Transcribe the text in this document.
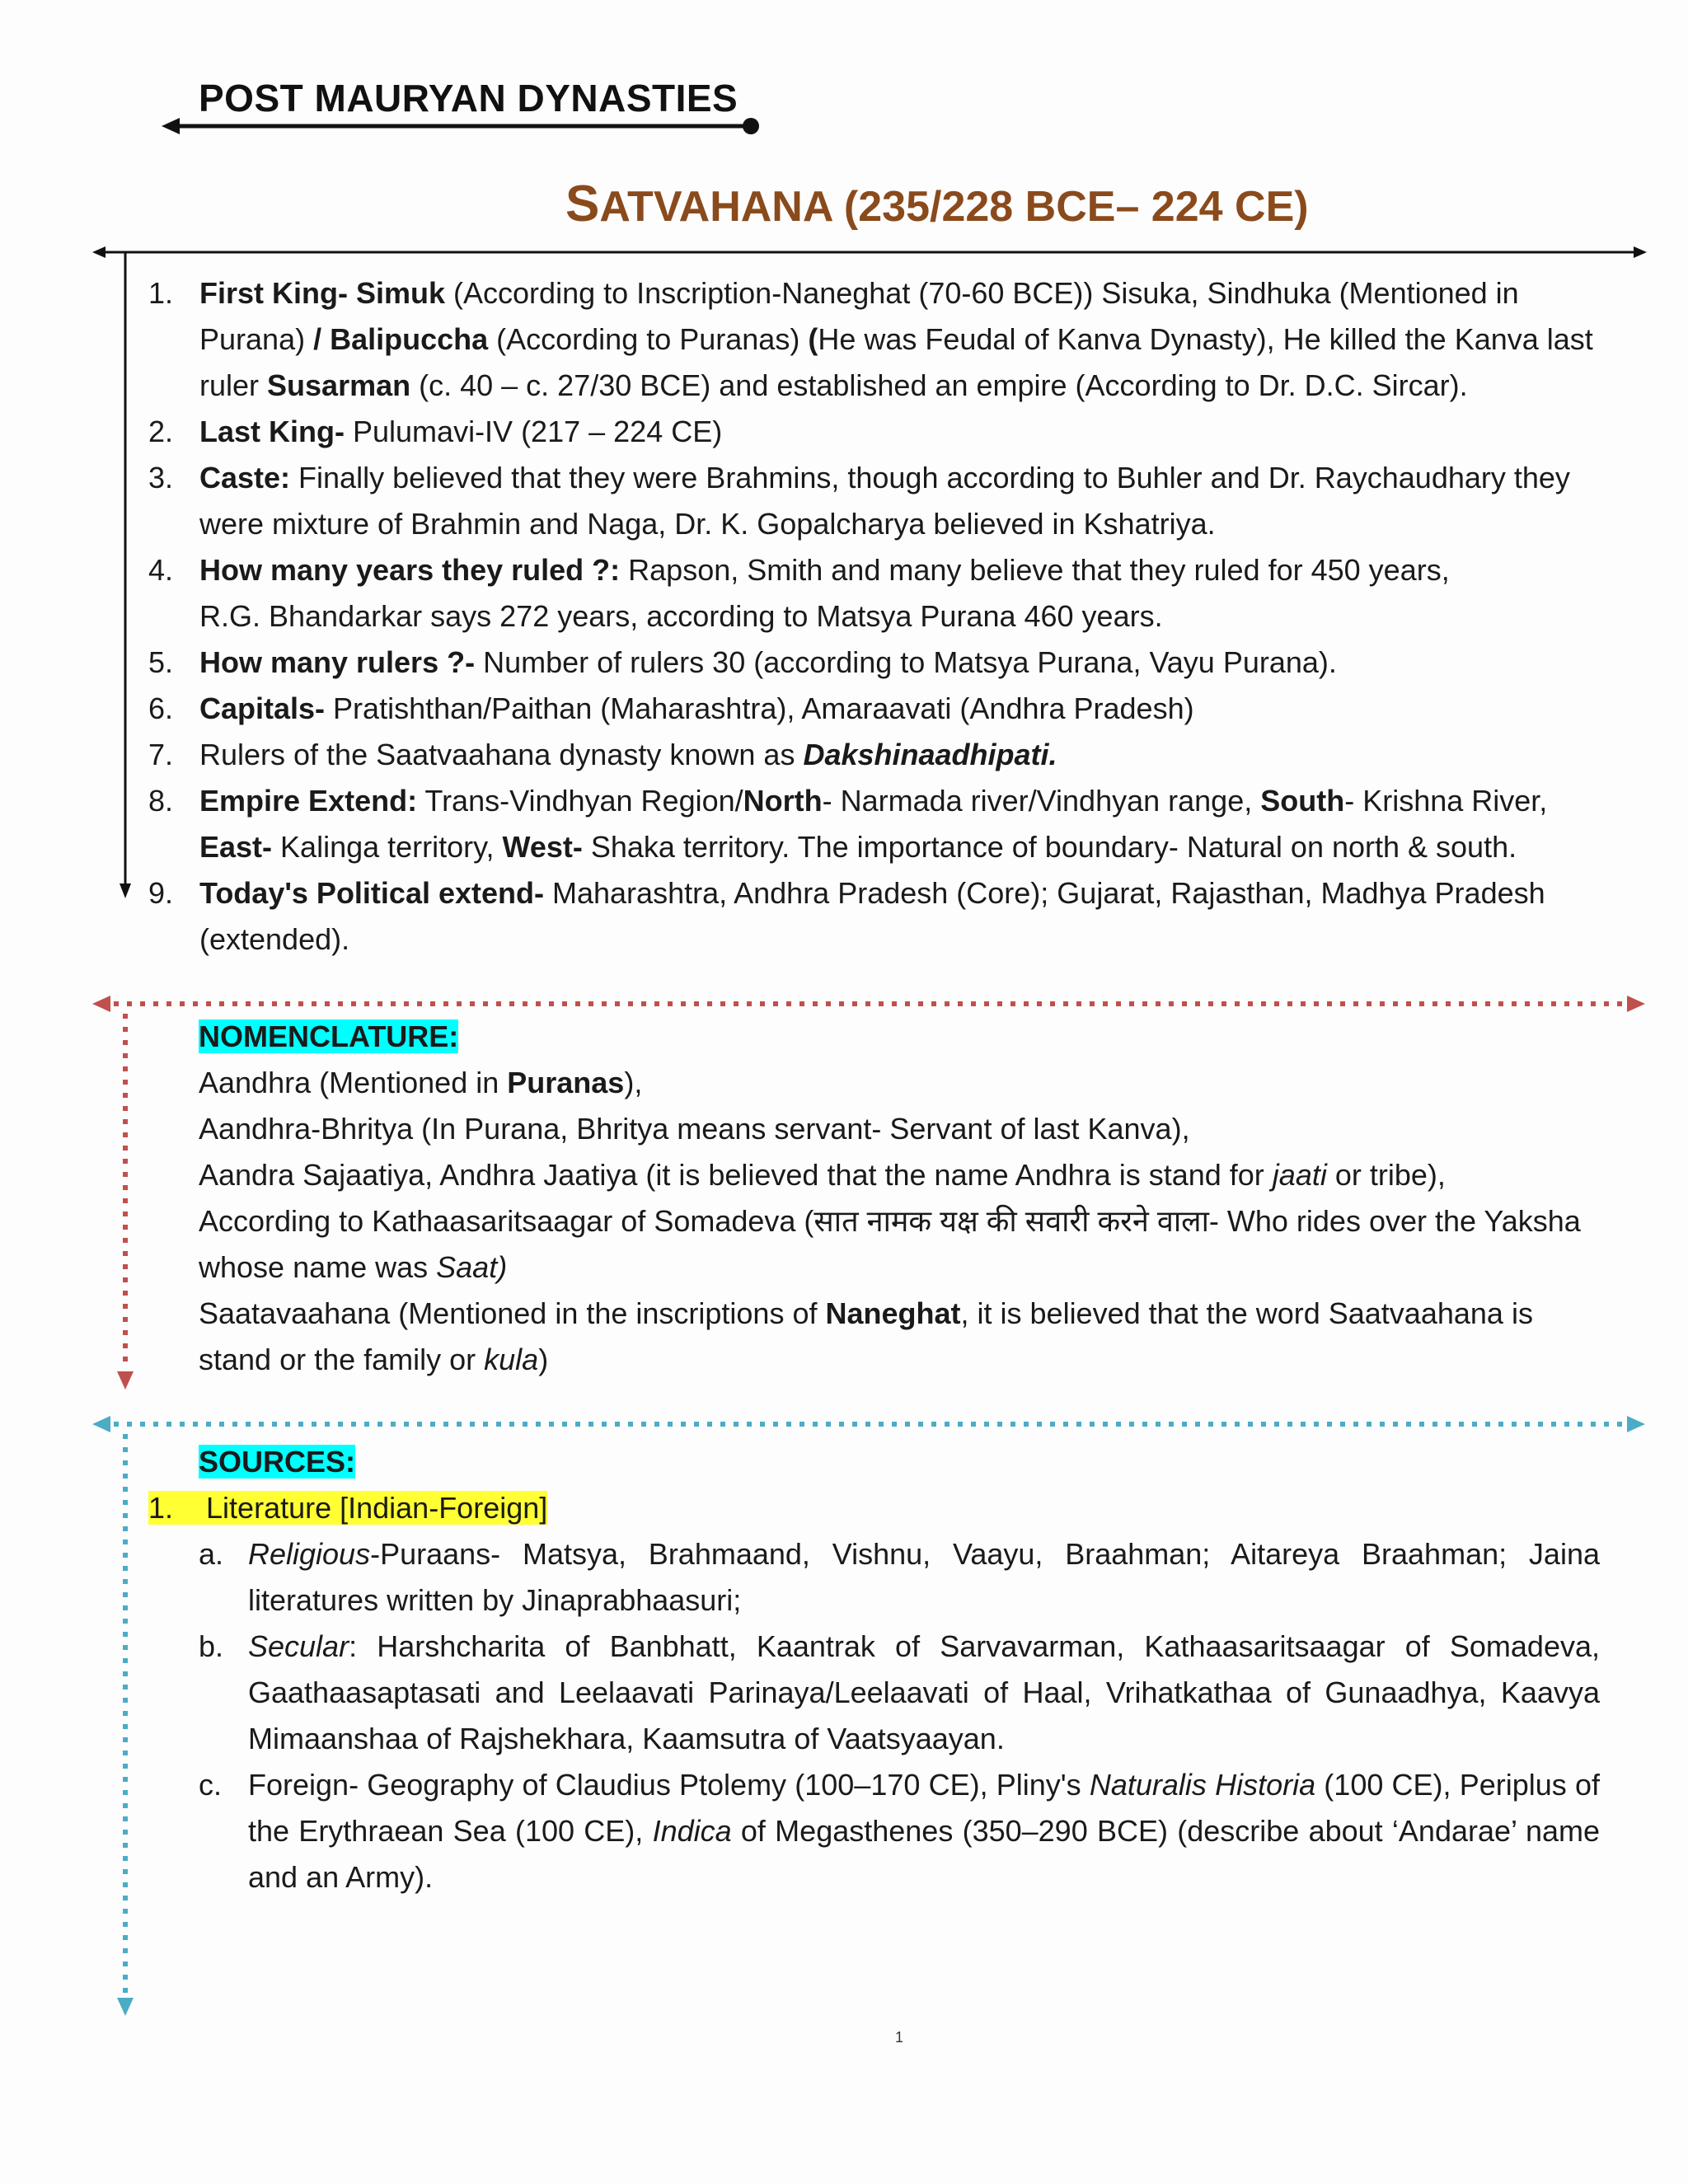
POST MAURYAN DYNASTIES
SATVAHANA (235/228 BCE– 224 CE)
1. First King- Simuk (According to Inscription-Naneghat (70-60 BCE)) Sisuka, Sindhuka (Mentioned in
Purana) / Balipuccha (According to Puranas) (He was Feudal of Kanva Dynasty), He killed the Kanva last
ruler Susarman (c. 40 – c. 27/30 BCE) and established an empire (According to Dr. D.C. Sircar).
2. Last King- Pulumavi-IV (217 – 224 CE)
3. Caste: Finally believed that they were Brahmins, though according to Buhler and Dr. Raychaudhary they were mixture of Brahmin and Naga, Dr. K. Gopalcharya believed in Kshatriya.
4. How many years they ruled ?: Rapson, Smith and many believe that they ruled for 450 years,
R.G. Bhandarkar says 272 years, according to Matsya Purana 460 years.
5. How many rulers ?- Number of rulers 30 (according to Matsya Purana, Vayu Purana).
6. Capitals- Pratishthan/Paithan (Maharashtra), Amaraavati (Andhra Pradesh)
7. Rulers of the Saatvaahana dynasty known as Dakshinaadhipati.
8. Empire Extend: Trans-Vindhyan Region/North- Narmada river/Vindhyan range, South- Krishna River,
East- Kalinga territory, West- Shaka territory. The importance of boundary- Natural on north & south.
9. Today's Political extend- Maharashtra, Andhra Pradesh (Core); Gujarat, Rajasthan, Madhya Pradesh
(extended).
NOMENCLATURE:
Aandhra (Mentioned in Puranas),
Aandhra-Bhritya (In Purana, Bhritya means servant- Servant of last Kanva),
Aandra Sajaatiya, Andhra Jaatiya (it is believed that the name Andhra is stand for jaati or tribe),
According to Kathaasaritsaagar of Somadeva (सात नामक यक्ष की सवारी करने वाला- Who rides over the Yaksha
whose name was Saat)
Saatavaahana (Mentioned in the inscriptions of Naneghat, it is believed that the word Saatvaahana is
stand or the family or kula)
SOURCES:
1. Literature [Indian-Foreign]
a. Religious-Puraans- Matsya, Brahmaand, Vishnu, Vaayu, Braahman; Aitareya Braahman; Jaina literatures written by Jinaprabhaasuri;
b. Secular: Harshcharita of Banbhatt, Kaantrak of Sarvavarman, Kathaasaritsaagar of Somadeva, Gaathaasaptasati and Leelaavati Parinaya/Leelaavati of Haal, Vrihatkathaa of Gunaadhya, Kaavya Mimaanshaa of Rajshekhara, Kaamsutra of Vaatsyaayan.
c. Foreign- Geography of Claudius Ptolemy (100–170 CE), Pliny's Naturalis Historia (100 CE), Periplus of the Erythraean Sea (100 CE), Indica of Megasthenes (350–290 BCE) (describe about ‘Andarae’ name and an Army).
1
